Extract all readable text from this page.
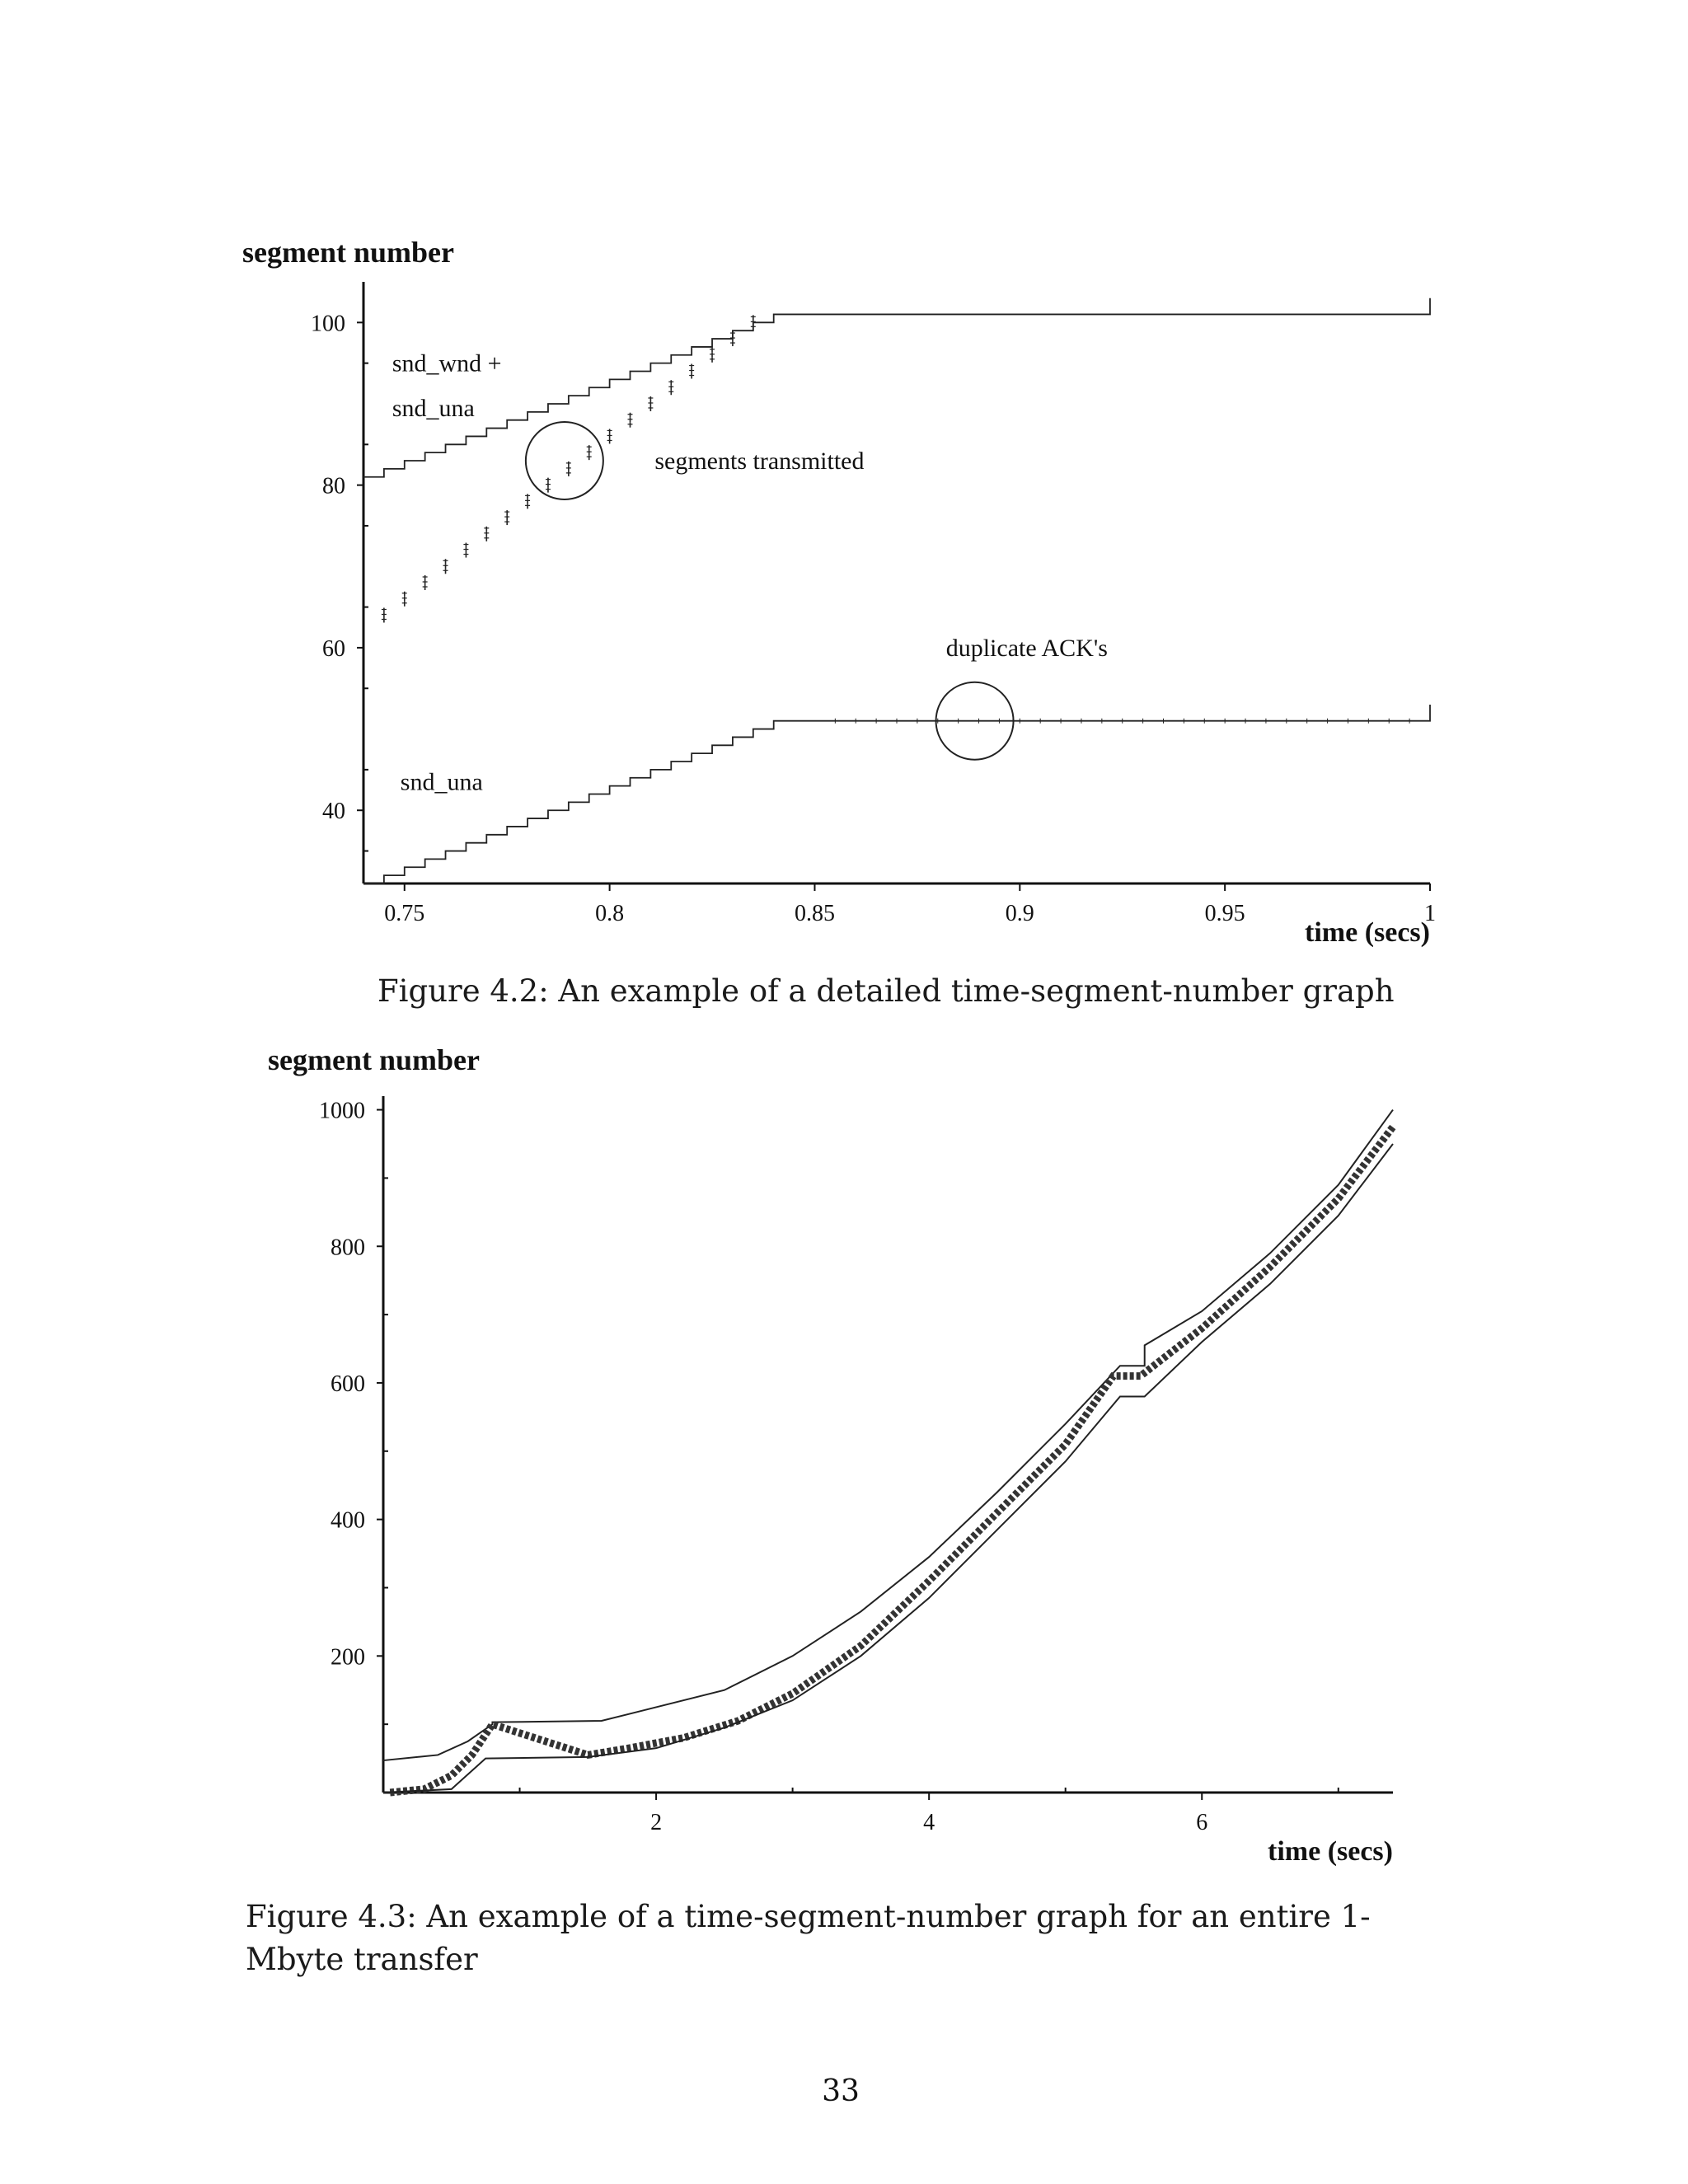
segment number
time (secs)
0.75	0.8	0.85	0.9	0.95	1
40
60
80
100
snd_wnd +
snd_una
segments transmitted
duplicate ACK's
snd_una
Figure 4.2: An example of a detailed time-segment-number graph
segment number
time (secs)
2	4	6
200
400
600
800
1000
Figure 4.3: An example of a time-segment-number graph for an entire 1-Mbyte transfer
33
